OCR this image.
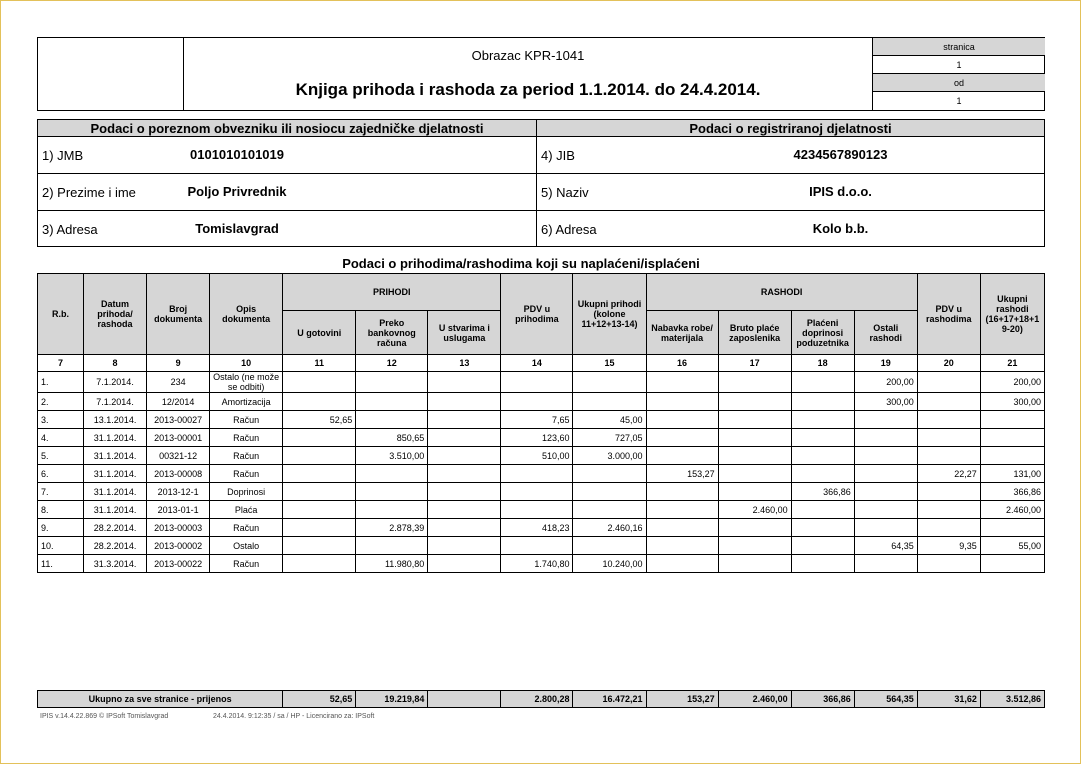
Obrazac KPR-1041
Knjiga prihoda i rashoda za period 1.1.2014. do 24.4.2014.
stranica
1
od
1
Podaci o poreznom obvezniku ili nosiocu zajedničke djelatnosti
1) JMB	0101010101019
2) Prezime i ime	Poljo Privrednik
3) Adresa	Tomislavgrad
Podaci o registriranoj djelatnosti
4) JIB	4234567890123
5) Naziv	IPIS d.o.o.
6) Adresa	Kolo b.b.
Podaci o prihodima/rashodima koji su naplaćeni/isplaćeni
R.b.	Datum prihoda/ rashoda	Broj dokumenta	Opis dokumenta	PRIHODI			PDV u prihodima	Ukupni prihodi (kolone 11+12+13-14)	RASHODI				PDV u rashodima	Ukupni rashodi (16+17+18+1 9-20)
				U gotovini	Preko bankovnog računa	U stvarima i uslugama			Nabavka robe/ materijala	Bruto plaće zaposlenika	Plaćeni doprinosi poduzetnika	Ostali rashodi		
7	8	9	10	11	12	13	14	15	16	17	18	19	20	21
1.	7.1.2014.	234	Ostalo (ne može se odbiti)									200,00		200,00
2.	7.1.2014.	12/2014	Amortizacija									300,00		300,00
3.	13.1.2014.	2013-00027	Račun	52,65			7,65	45,00						
4.	31.1.2014.	2013-00001	Račun		850,65		123,60	727,05						
5.	31.1.2014.	00321-12	Račun		3.510,00		510,00	3.000,00						
6.	31.1.2014.	2013-00008	Račun						153,27				22,27	131,00
7.	31.1.2014.	2013-12-1	Doprinosi								366,86			366,86
8.	31.1.2014.	2013-01-1	Plaća							2.460,00				2.460,00
9.	28.2.2014.	2013-00003	Račun		2.878,39		418,23	2.460,16						
10.	28.2.2014.	2013-00002	Ostalo									64,35	9,35	55,00
11.	31.3.2014.	2013-00022	Račun		11.980,80		1.740,80	10.240,00						
Ukupno za sve stranice - prijenos	52,65	19.219,84		2.800,28	16.472,21	153,27	2.460,00	366,86	564,35	31,62	3.512,86
IPIS v.14.4.22.869 © IPSoft Tomislavgrad	24.4.2014. 9:12:35 / sa / HP - Licencirano za: IPSoft
